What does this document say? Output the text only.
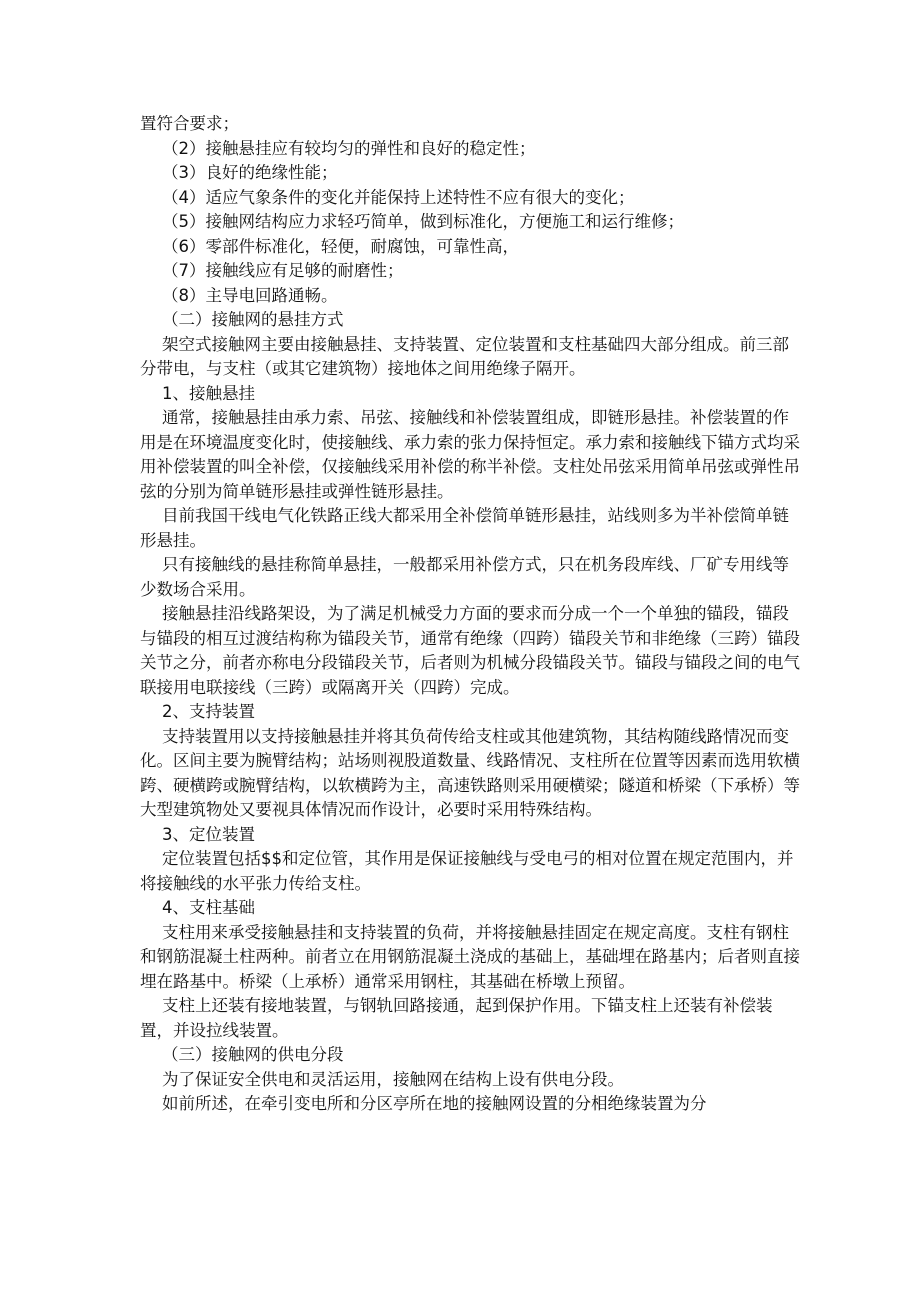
置符合要求；

（2）接触悬挂应有较均匀的弹性和良好的稳定性；

（3）良好的绝缘性能；

（4）适应气象条件的变化并能保持上述特性不应有很大的变化；

（5）接触网结构应力求轻巧简单，做到标准化，方便施工和运行维修；

（6）零部件标准化，轻便，耐腐蚀，可靠性高，

（7）接触线应有足够的耐磨性；

（8）主导电回路通畅。

（二）接触网的悬挂方式

架空式接触网主要由接触悬挂、支持装置、定位装置和支柱基础四大部分组成。前三部分带电，与支柱（或其它建筑物）接地体之间用绝缘子隔开。

1、接触悬挂

通常，接触悬挂由承力索、吊弦、接触线和补偿装置组成，即链形悬挂。补偿装置的作用是在环境温度变化时，使接触线、承力索的张力保持恒定。承力索和接触线下锚方式均采用补偿装置的叫全补偿，仅接触线采用补偿的称半补偿。支柱处吊弦采用简单吊弦或弹性吊弦的分别为简单链形悬挂或弹性链形悬挂。

目前我国干线电气化铁路正线大都采用全补偿简单链形悬挂，站线则多为半补偿简单链形悬挂。

只有接触线的悬挂称简单悬挂，一般都采用补偿方式，只在机务段库线、厂矿专用线等少数场合采用。

接触悬挂沿线路架设，为了满足机械受力方面的要求而分成一个一个单独的锚段，锚段与锚段的相互过渡结构称为锚段关节，通常有绝缘（四跨）锚段关节和非绝缘（三跨）锚段关节之分，前者亦称电分段锚段关节，后者则为机械分段锚段关节。锚段与锚段之间的电气联接用电联接线（三跨）或隔离开关（四跨）完成。

2、支持装置

支持装置用以支持接触悬挂并将其负荷传给支柱或其他建筑物，其结构随线路情况而变化。区间主要为腕臂结构；站场则视股道数量、线路情况、支柱所在位置等因素而选用软横跨、硬横跨或腕臂结构，以软横跨为主，高速铁路则采用硬横梁；隧道和桥梁（下承桥）等大型建筑物处又要视具体情况而作设计，必要时采用特殊结构。

3、定位装置

定位装置包括$$和定位管，其作用是保证接触线与受电弓的相对位置在规定范围内，并将接触线的水平张力传给支柱。

4、支柱基础

支柱用来承受接触悬挂和支持装置的负荷，并将接触悬挂固定在规定高度。支柱有钢柱和钢筋混凝土柱两种。前者立在用钢筋混凝土浇成的基础上，基础埋在路基内；后者则直接埋在路基中。桥梁（上承桥）通常采用钢柱，其基础在桥墩上预留。

支柱上还装有接地装置，与钢轨回路接通，起到保护作用。下锚支柱上还装有补偿装置，并设拉线装置。

（三）接触网的供电分段

为了保证安全供电和灵活运用，接触网在结构上设有供电分段。

如前所述，在牵引变电所和分区亭所在地的接触网设置的分相绝缘装置为分
